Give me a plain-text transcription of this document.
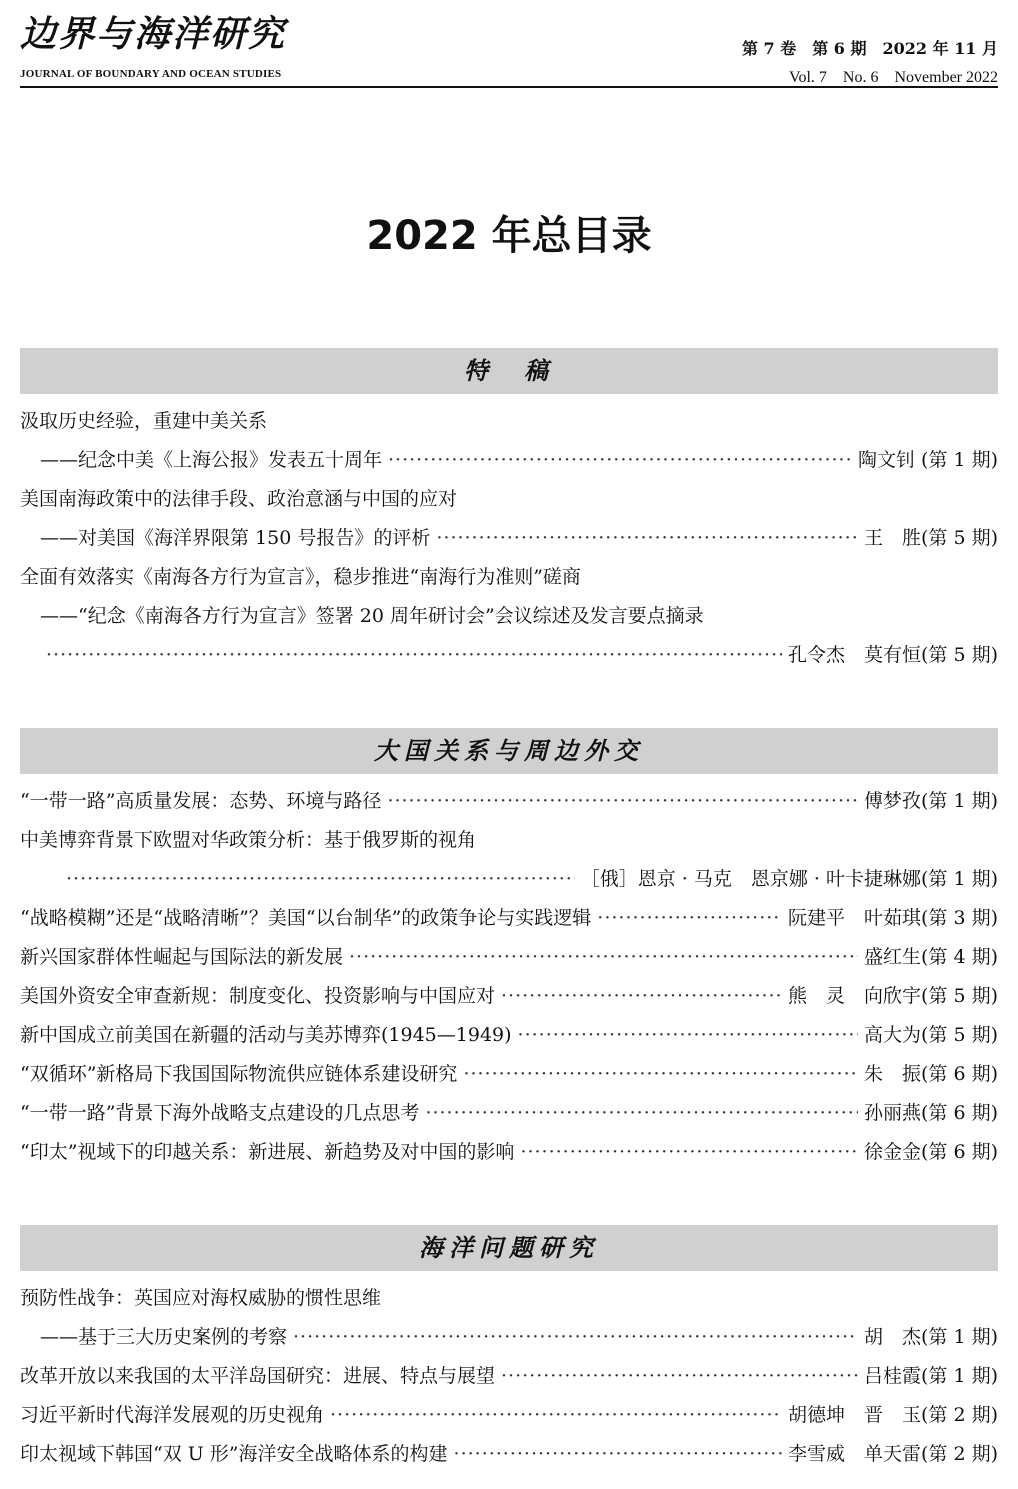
边界与海洋研究
JOURNAL OF BOUNDARY AND OCEAN STUDIES
第 7 卷　第 6 期　2022 年 11 月
Vol. 7　No. 6　November 2022
2022 年总目录
特　稿
汲取历史经验，重建中美关系
——纪念中美《上海公报》发表五十周年 ·····	陶文钊 (第 1 期)
美国南海政策中的法律手段、政治意涵与中国的应对
——对美国《海洋界限第 150 号报告》的评析 ·····	王　胜(第 5 期)
全面有效落实《南海各方行为宣言》，稳步推进“南海行为准则”磋商
——“纪念《南海各方行为宣言》签署 20 周年研讨会”会议综述及发言要点摘录
·····
孔令杰　莫有恒(第 5 期)
大国关系与周边外交
“一带一路”高质量发展：态势、环境与路径 ·····	傅梦孜(第 1 期)
中美博弈背景下欧盟对华政策分析：基于俄罗斯的视角
·····
［俄］恩京 · 马克　恩京娜 · 叶卡捷琳娜(第 1 期)
“战略模糊”还是“战略清晰”？美国“以台制华”的政策争论与实践逻辑 ·····	阮建平　叶茹琪(第 3 期)
新兴国家群体性崛起与国际法的新发展 ·····	盛红生(第 4 期)
美国外资安全审查新规：制度变化、投资影响与中国应对 ·····	熊　灵　向欣宇(第 5 期)
新中国成立前美国在新疆的活动与美苏博弈(1945—1949) ·····	高大为(第 5 期)
“双循环”新格局下我国国际物流供应链体系建设研究 ·····	朱　振(第 6 期)
“一带一路”背景下海外战略支点建设的几点思考 ·····	孙丽燕(第 6 期)
“印太”视域下的印越关系：新进展、新趋势及对中国的影响 ·····	徐金金(第 6 期)
海洋问题研究
预防性战争：英国应对海权威胁的惯性思维
——基于三大历史案例的考察 ·····	胡　杰(第 1 期)
改革开放以来我国的太平洋岛国研究：进展、特点与展望 ·····	吕桂霞(第 1 期)
习近平新时代海洋发展观的历史视角 ·····	胡德坤　晋　玉(第 2 期)
印太视域下韩国“双 U 形”海洋安全战略体系的构建 ·····	李雪威　单天雷(第 2 期)
